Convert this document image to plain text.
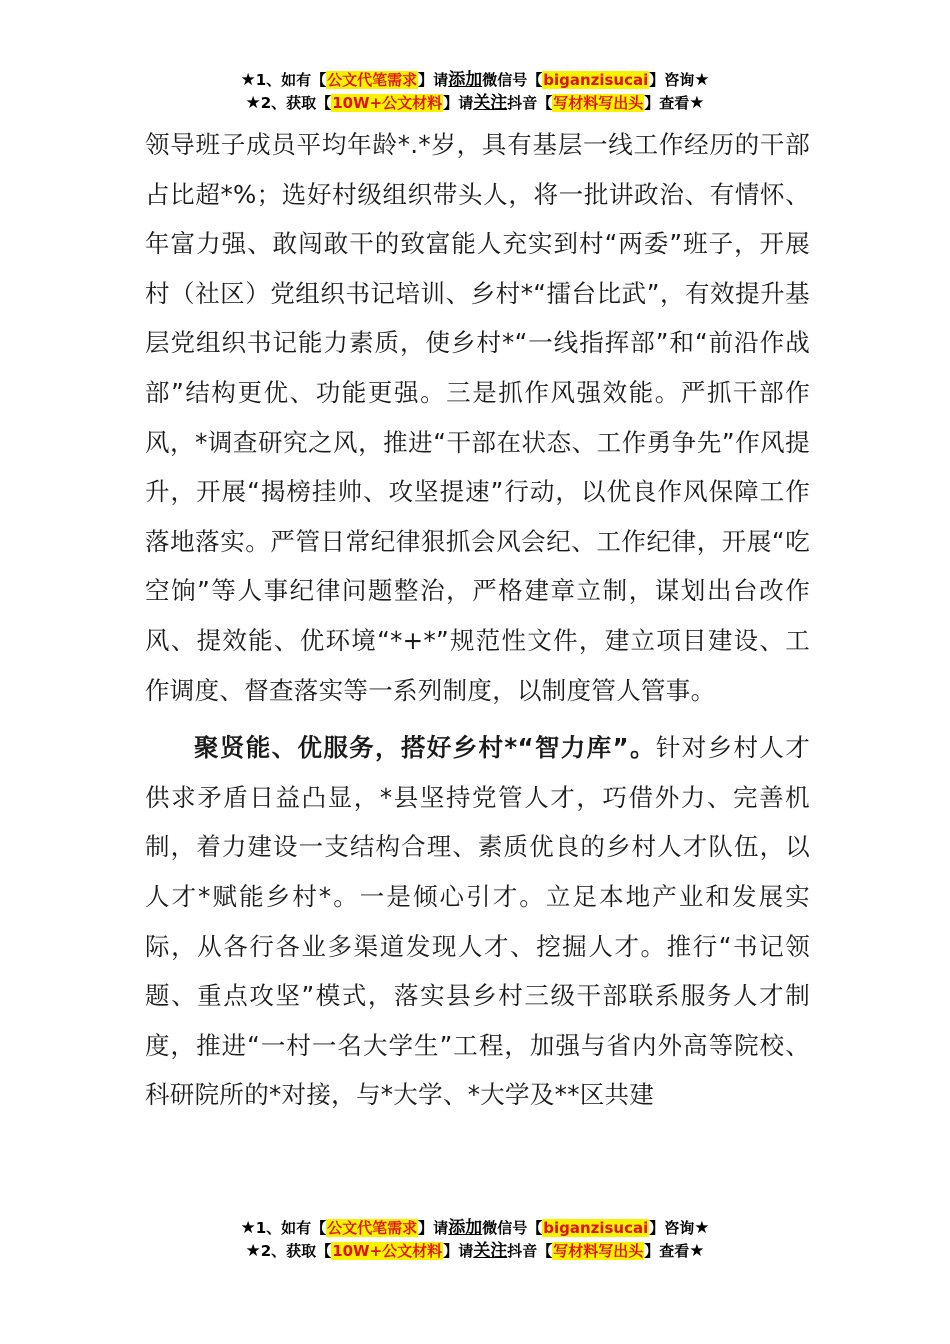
★1、如有【公文代笔需求】请添加微信号【biganzisucai】咨询★
★2、获取【10W+公文材料】请关注抖音【写材料写出头】查看★

领导班子成员平均年龄*.*岁，具有基层一线工作经历的干部占比超*%；选好村级组织带头人，将一批讲政治、有情怀、年富力强、敢闯敢干的致富能人充实到村“两委”班子，开展村（社区）党组织书记培训、乡村*“擂台比武”，有效提升基层党组织书记能力素质，使乡村*“一线指挥部”和“前沿作战部”结构更优、功能更强。三是抓作风强效能。严抓干部作风，*调查研究之风，推进“干部在状态、工作勇争先”作风提升，开展“揭榜挂帅、攻坚提速”行动，以优良作风保障工作落地落实。严管日常纪律狠抓会风会纪、工作纪律，开展“吃空饷”等人事纪律问题整治，严格建章立制，谋划出台改作风、提效能、优环境“*+*”规范性文件，建立项目建设、工作调度、督查落实等一系列制度，以制度管人管事。

聚贤能、优服务，搭好乡村*“智力库”。针对乡村人才供求矛盾日益凸显，*县坚持党管人才，巧借外力、完善机制，着力建设一支结构合理、素质优良的乡村人才队伍，以人才*赋能乡村*。一是倾心引才。立足本地产业和发展实际，从各行各业多渠道发现人才、挖掘人才。推行“书记领题、重点攻坚”模式，落实县乡村三级干部联系服务人才制度，推进“一村一名大学生”工程，加强与省内外高等院校、科研院所的*对接，与*大学、*大学及**区共建

★1、如有【公文代笔需求】请添加微信号【biganzisucai】咨询★
★2、获取【10W+公文材料】请关注抖音【写材料写出头】查看★
